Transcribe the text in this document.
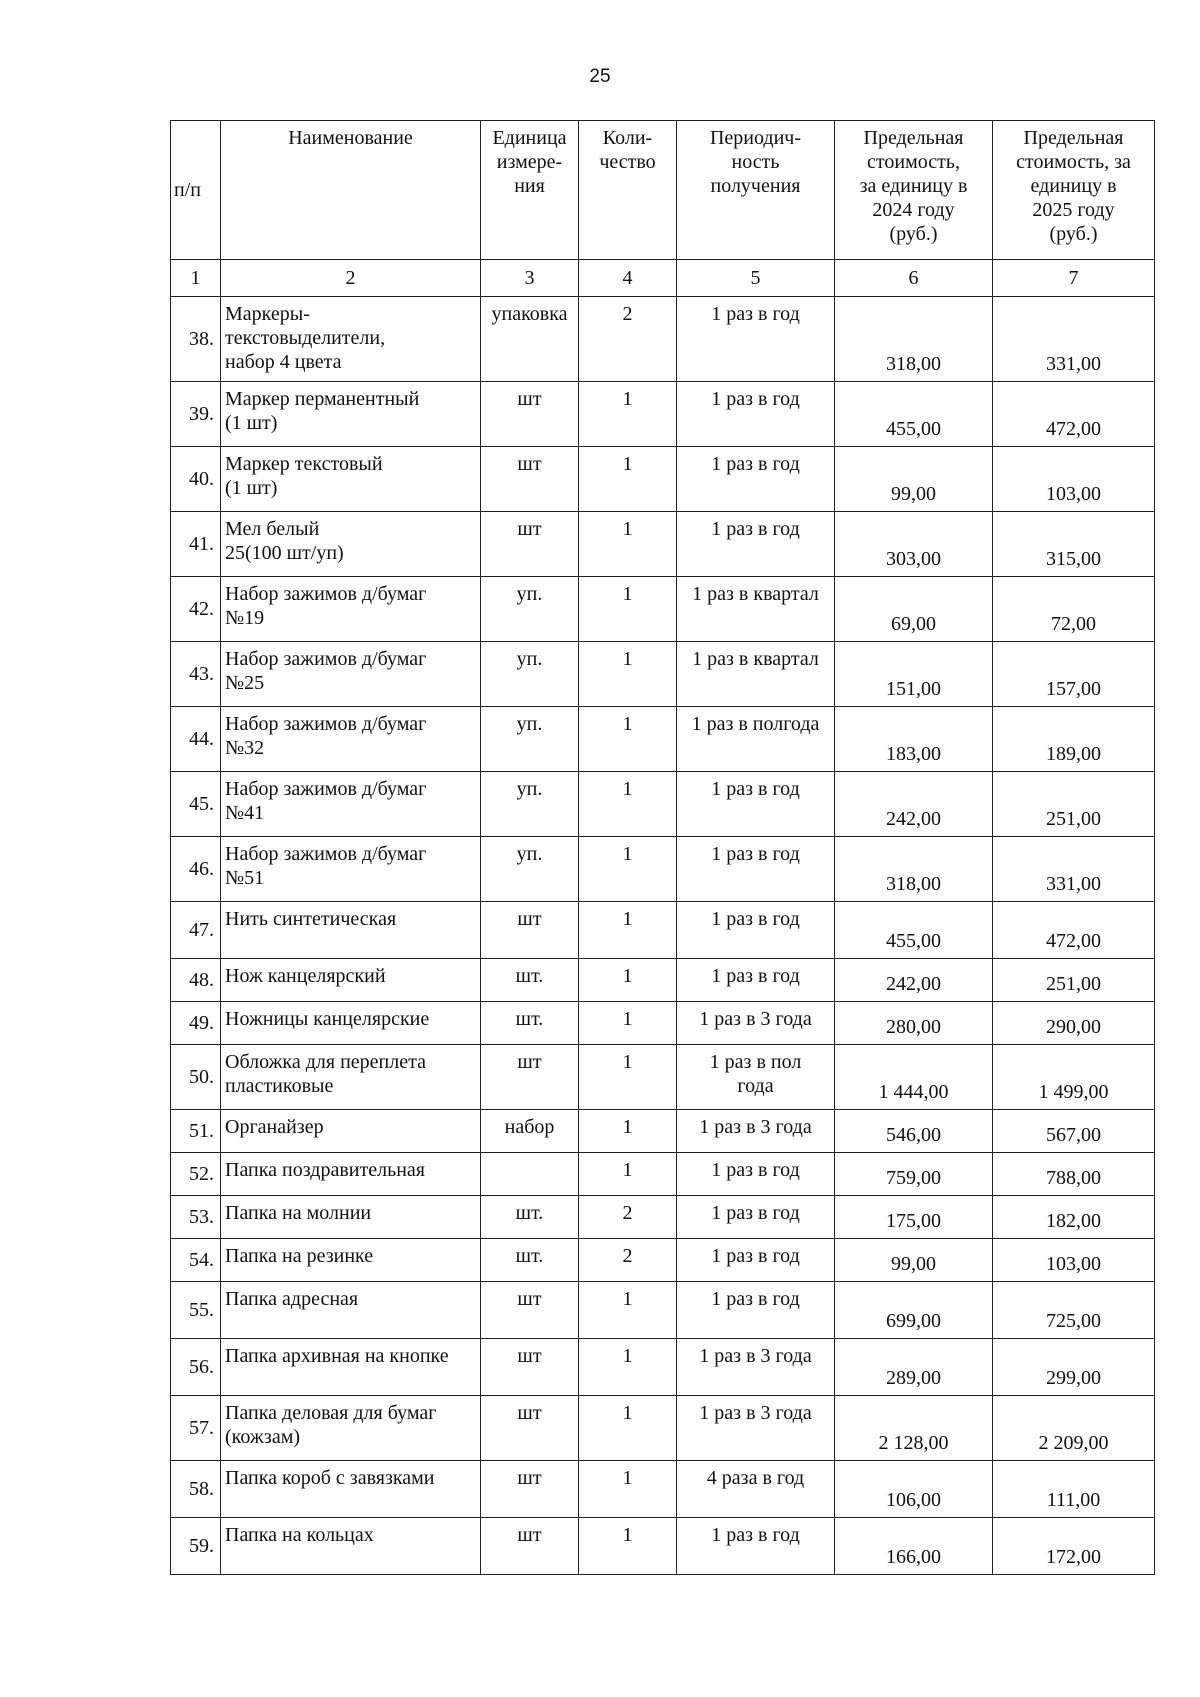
25
п/п	Наименование	Единица
измере-
ния	Коли-
чество	Периодич-
ность
получения	Предельная
стоимость,
за единицу в
2024 году
(руб.)	Предельная
стоимость, за
единицу в
2025 году
(руб.)
1	2	3	4	5	6	7
38.	Маркеры-
текстовыделители,
набор 4 цвета	упаковка	2	1 раз в год	318,00	331,00
39.	Маркер перманентный
(1 шт)	шт	1	1 раз в год	455,00	472,00
40.	Маркер текстовый
(1 шт)	шт	1	1 раз в год	99,00	103,00
41.	Мел белый
25(100 шт/уп)	шт	1	1 раз в год	303,00	315,00
42.	Набор зажимов д/бумаг
№19	уп.	1	1 раз в квартал	69,00	72,00
43.	Набор зажимов д/бумаг
№25	уп.	1	1 раз в квартал	151,00	157,00
44.	Набор зажимов д/бумаг
№32	уп.	1	1 раз в полгода	183,00	189,00
45.	Набор зажимов д/бумаг
№41	уп.	1	1 раз в год	242,00	251,00
46.	Набор зажимов д/бумаг
№51	уп.	1	1 раз в год	318,00	331,00
47.	Нить синтетическая	шт	1	1 раз в год	455,00	472,00
48.	Нож канцелярский	шт.	1	1 раз в год	242,00	251,00
49.	Ножницы канцелярские	шт.	1	1 раз в 3 года	280,00	290,00
50.	Обложка для переплета
пластиковые	шт	1	1 раз в пол
года	1 444,00	1 499,00
51.	Органайзер	набор	1	1 раз в 3 года	546,00	567,00
52.	Папка поздравительная		1	1 раз в год	759,00	788,00
53.	Папка на молнии	шт.	2	1 раз в год	175,00	182,00
54.	Папка на резинке	шт.	2	1 раз в год	99,00	103,00
55.	Папка адресная	шт	1	1 раз в год	699,00	725,00
56.	Папка архивная на кнопке	шт	1	1 раз в 3 года	289,00	299,00
57.	Папка деловая для бумаг
(кожзам)	шт	1	1 раз в 3 года	2 128,00	2 209,00
58.	Папка короб с завязками	шт	1	4 раза в год	106,00	111,00
59.	Папка на кольцах	шт	1	1 раз в год	166,00	172,00
